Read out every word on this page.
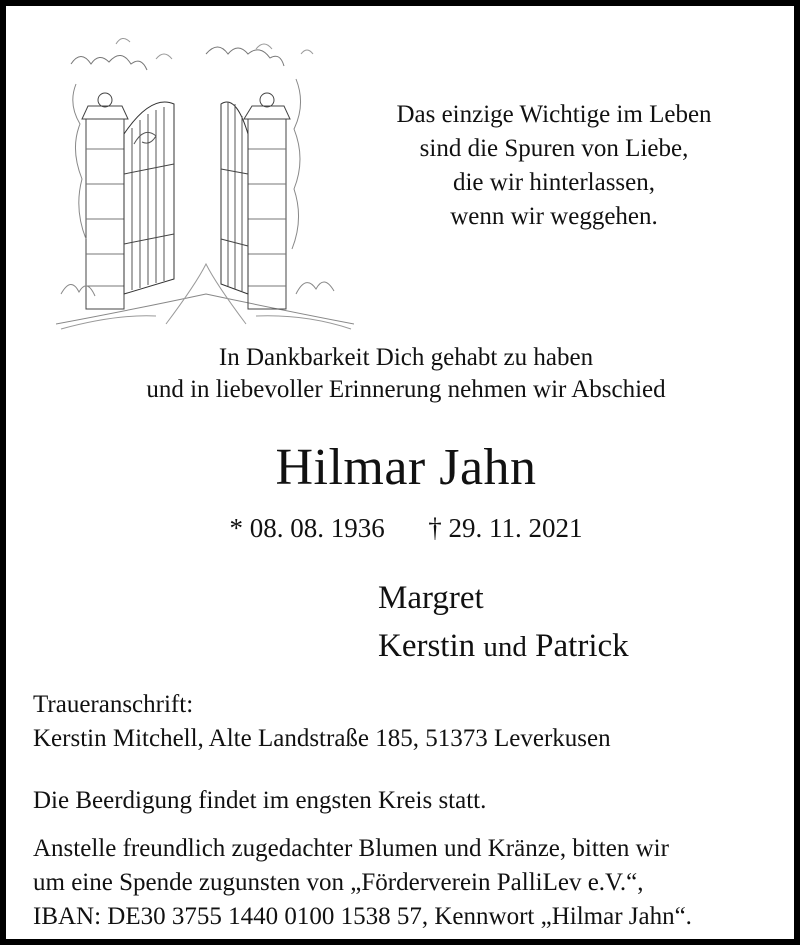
Das einzige Wichtige im Leben
sind die Spuren von Liebe,
die wir hinterlassen,
wenn wir weggehen.
In Dankbarkeit Dich gehabt zu haben
und in liebevoller Erinnerung nehmen wir Abschied
Hilmar Jahn
* 08. 08. 1936 † 29. 11. 2021
Margret
Kerstin und Patrick
Traueranschrift:
Kerstin Mitchell, Alte Landstraße 185, 51373 Leverkusen
Die Beerdigung findet im engsten Kreis statt.
Anstelle freundlich zugedachter Blumen und Kränze, bitten wir
um eine Spende zugunsten von „Förderverein PalliLev e.V.“,
IBAN: DE30 3755 1440 0100 1538 57, Kennwort „Hilmar Jahn“.
